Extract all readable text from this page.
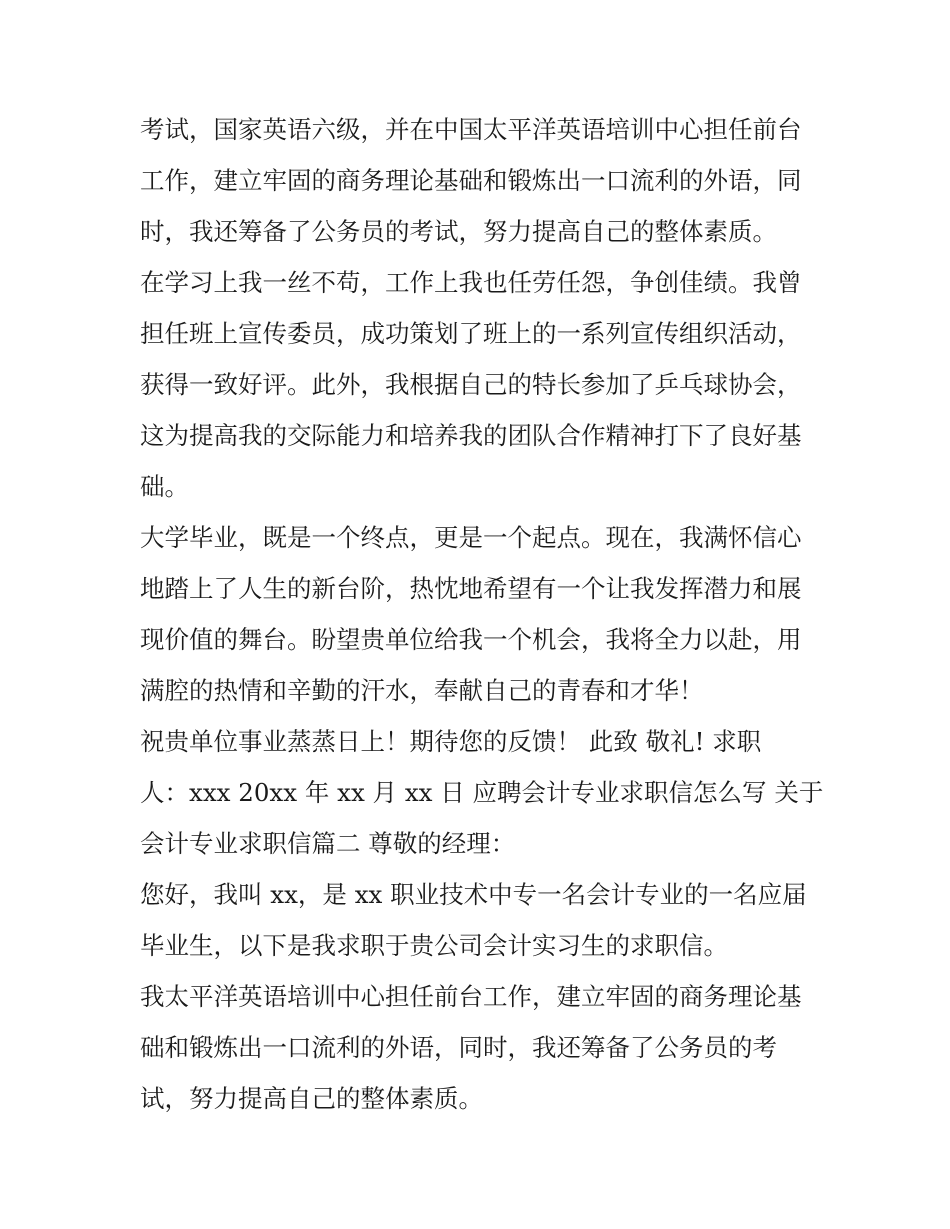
考试，国家英语六级，并在中国太平洋英语培训中心担任前台
工作，建立牢固的商务理论基础和锻炼出一口流利的外语，同
时，我还筹备了公务员的考试，努力提高自己的整体素质。
在学习上我一丝不苟，工作上我也任劳任怨，争创佳绩。我曾
担任班上宣传委员，成功策划了班上的一系列宣传组织活动，
获得一致好评。此外，我根据自己的特长参加了乒乓球协会，
这为提高我的交际能力和培养我的团队合作精神打下了良好基
础。
大学毕业，既是一个终点，更是一个起点。现在，我满怀信心
地踏上了人生的新台阶，热忱地希望有一个让我发挥潜力和展
现价值的舞台。盼望贵单位给我一个机会，我将全力以赴，用
满腔的热情和辛勤的汗水，奉献自己的青春和才华！
祝贵单位事业蒸蒸日上！期待您的反馈！ 此致 敬礼! 求职
人：xxx 20xx 年 xx 月 xx 日 应聘会计专业求职信怎么写 关于
会计专业求职信篇二 尊敬的经理：
您好，我叫 xx，是 xx 职业技术中专一名会计专业的一名应届
毕业生，以下是我求职于贵公司会计实习生的求职信。
我太平洋英语培训中心担任前台工作，建立牢固的商务理论基
础和锻炼出一口流利的外语，同时，我还筹备了公务员的考
试，努力提高自己的整体素质。
